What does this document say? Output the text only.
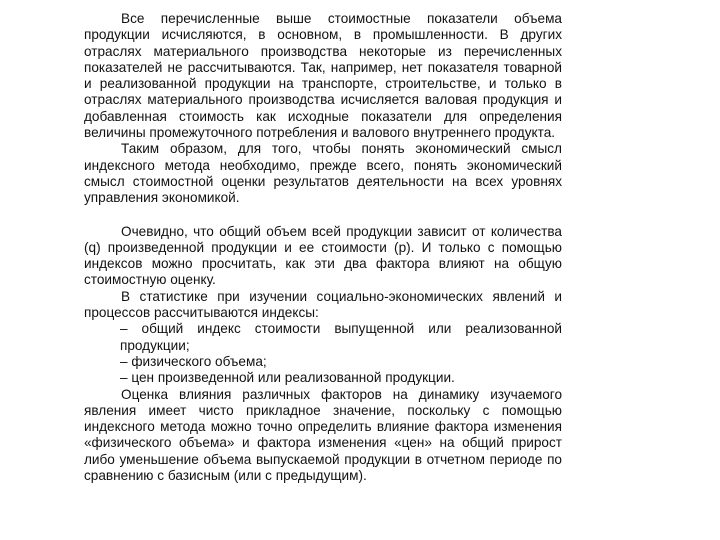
Все перечисленные выше стоимостные показатели объема продукции исчисляются, в основном, в промышленности. В других отраслях материального производства некоторые из перечисленных показателей не рассчитываются. Так, например, нет показателя товарной и реализованной продукции на транспорте, строительстве, и только в отраслях материального производства исчисляется валовая продукция и добавленная стоимость как исходные показатели для определения величины промежуточного потребления и валового внутреннего продукта.

Таким образом, для того, чтобы понять экономический смысл индексного метода необходимо, прежде всего, понять экономический смысл стоимостной оценки результатов деятельности на всех уровнях управления экономикой.

Очевидно, что общий объем всей продукции зависит от количества (q) произведенной продукции и ее стоимости (р). И только с помощью индексов можно просчитать, как эти два фактора влияют на общую стоимостную оценку.

В статистике при изучении социально-экономических явлений и процессов рассчитываются индексы:

– общий индекс стоимости выпущенной или реализованной продукции;

– физического объема;

– цен произведенной или реализованной продукции.

Оценка влияния различных факторов на динамику изучаемого явления имеет чисто прикладное значение, поскольку с помощью индексного метода можно точно определить влияние фактора изменения «физического объема» и фактора изменения «цен» на общий прирост либо уменьшение объема выпускаемой продукции в отчетном периоде по сравнению с базисным (или с предыдущим).
